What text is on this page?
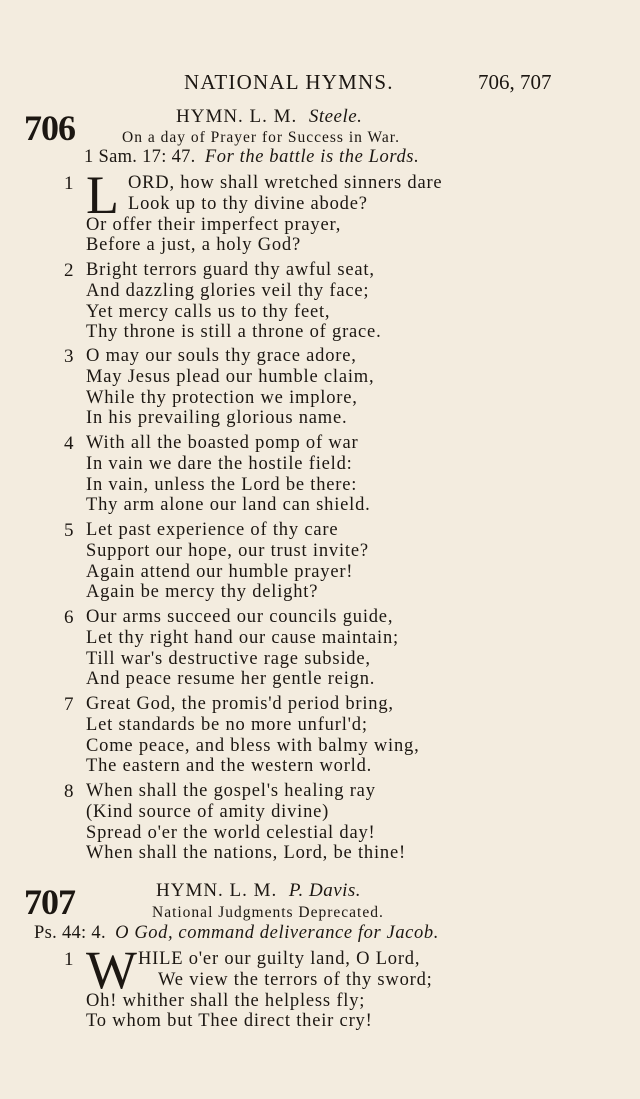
NATIONAL HYMNS.	706, 707
706	HYMN. L. M. Steele.
On a day of Prayer for Success in War.
1 Sam. 17: 47. For the battle is the Lords.
1 L ORD, how shall wretched sinners dare
Look up to thy divine abode?
Or offer their imperfect prayer,
Before a just, a holy God?
2 Bright terrors guard thy awful seat,
And dazzling glories veil thy face;
Yet mercy calls us to thy feet,
Thy throne is still a throne of grace.
3 O may our souls thy grace adore,
May Jesus plead our humble claim,
While thy protection we implore,
In his prevailing glorious name.
4 With all the boasted pomp of war
In vain we dare the hostile field:
In vain, unless the Lord be there:
Thy arm alone our land can shield.
5 Let past experience of thy care
Support our hope, our trust invite?
Again attend our humble prayer!
Again be mercy thy delight?
6 Our arms succeed our councils guide,
Let thy right hand our cause maintain;
Till war's destructive rage subside,
And peace resume her gentle reign.
7 Great God, the promis'd period bring,
Let standards be no more unfurl'd;
Come peace, and bless with balmy wing,
The eastern and the western world.
8 When shall the gospel's healing ray
(Kind source of amity divine)
Spread o'er the world celestial day!
When shall the nations, Lord, be thine!
707	HYMN. L. M. P. Davis.
National Judgments Deprecated.
Ps. 44: 4. O God, command deliverance for Jacob.
1 W HILE o'er our guilty land, O Lord,
We view the terrors of thy sword;
Oh! whither shall the helpless fly;
To whom but Thee direct their cry!
